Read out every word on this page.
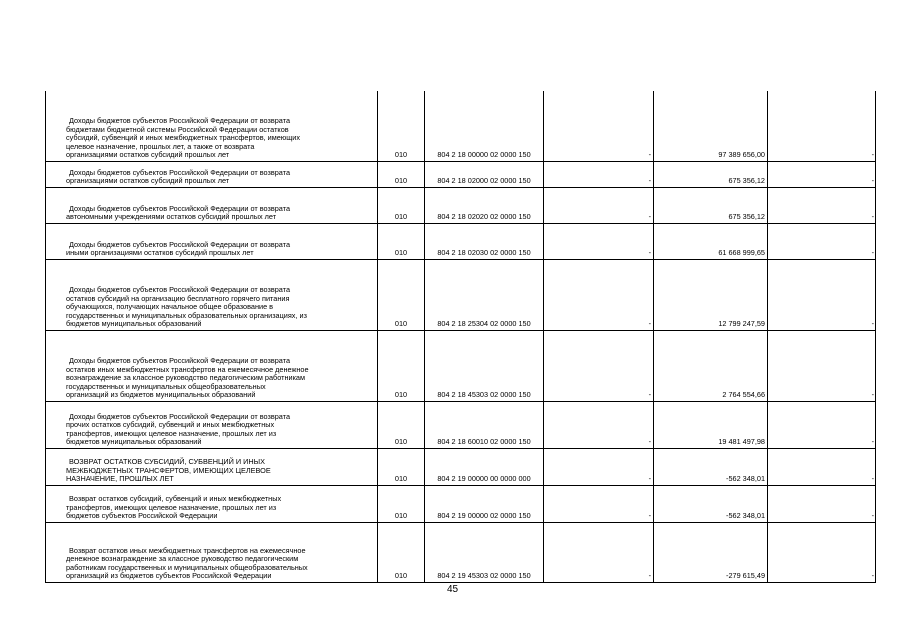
Доходы бюджетов субъектов Российской Федерации от возврата
бюджетами бюджетной системы Российской Федерации остатков
субсидий, субвенций и иных межбюджетных трансфертов, имеющих
целевое назначение, прошлых лет, а также от возврата
организациями остатков субсидий прошлых лет	010	804 2 18 00000 02 0000 150	-	97 389 656,00	-

Доходы бюджетов субъектов Российской Федерации от возврата
организациями остатков субсидий прошлых лет	010	804 2 18 02000 02 0000 150	-	675 356,12	-

Доходы бюджетов субъектов Российской Федерации от возврата
автономными учреждениями остатков субсидий прошлых лет	010	804 2 18 02020 02 0000 150	-	675 356,12	-

Доходы бюджетов субъектов Российской Федерации от возврата
иными организациями остатков субсидий прошлых лет	010	804 2 18 02030 02 0000 150	-	61 668 999,65	-

Доходы бюджетов субъектов Российской Федерации от возврата
остатков субсидий на организацию бесплатного горячего питания
обучающихся, получающих начальное общее образование в
государственных и муниципальных образовательных организациях, из
бюджетов муниципальных образований	010	804 2 18 25304 02 0000 150	-	12 799 247,59	-

Доходы бюджетов субъектов Российской Федерации от возврата
остатков иных межбюджетных трансфертов на ежемесячное денежное
вознаграждение за классное руководство педагогическим работникам
государственных и муниципальных общеобразовательных
организаций из бюджетов муниципальных образований	010	804 2 18 45303 02 0000 150	-	2 764 554,66	-

Доходы бюджетов субъектов Российской Федерации от возврата
прочих остатков субсидий, субвенций и иных межбюджетных
трансфертов, имеющих целевое назначение, прошлых лет из
бюджетов муниципальных образований	010	804 2 18 60010 02 0000 150	-	19 481 497,98	-

ВОЗВРАТ ОСТАТКОВ СУБСИДИЙ, СУБВЕНЦИЙ И ИНЫХ
МЕЖБЮДЖЕТНЫХ ТРАНСФЕРТОВ, ИМЕЮЩИХ ЦЕЛЕВОЕ
НАЗНАЧЕНИЕ, ПРОШЛЫХ ЛЕТ	010	804 2 19 00000 00 0000 000	-	-562 348,01	-

Возврат остатков субсидий, субвенций и иных межбюджетных
трансфертов, имеющих целевое назначение, прошлых лет из
бюджетов субъектов Российской Федерации	010	804 2 19 00000 02 0000 150	-	-562 348,01	-

Возврат остатков иных межбюджетных трансфертов на ежемесячное
денежное вознаграждение за классное руководство педагогическим
работникам государственных и муниципальных общеобразовательных
организаций из бюджетов субъектов Российской Федерации	010	804 2 19 45303 02 0000 150	-	-279 615,49	-
45
